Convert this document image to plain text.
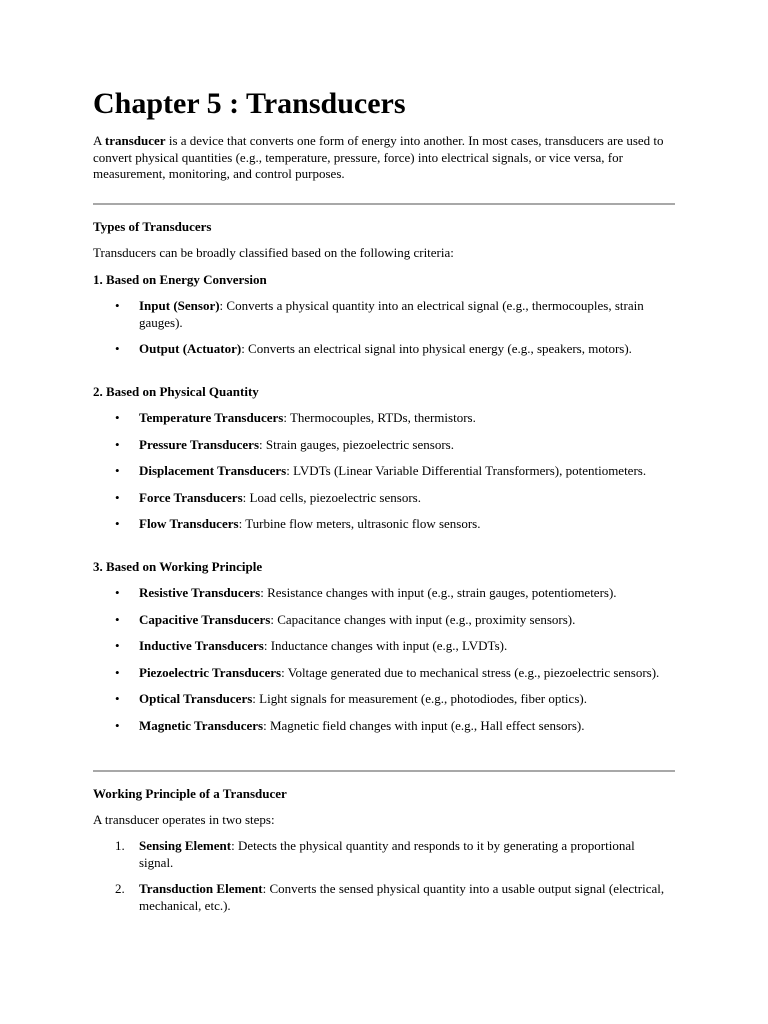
Chapter 5 : Transducers

A transducer is a device that converts one form of energy into another. In most cases, transducers are used to convert physical quantities (e.g., temperature, pressure, force) into electrical signals, or vice versa, for measurement, monitoring, and control purposes.

Types of Transducers

Transducers can be broadly classified based on the following criteria:

1. Based on Energy Conversion

• Input (Sensor): Converts a physical quantity into an electrical signal (e.g., thermocouples, strain gauges).
• Output (Actuator): Converts an electrical signal into physical energy (e.g., speakers, motors).

2. Based on Physical Quantity

• Temperature Transducers: Thermocouples, RTDs, thermistors.
• Pressure Transducers: Strain gauges, piezoelectric sensors.
• Displacement Transducers: LVDTs (Linear Variable Differential Transformers), potentiometers.
• Force Transducers: Load cells, piezoelectric sensors.
• Flow Transducers: Turbine flow meters, ultrasonic flow sensors.

3. Based on Working Principle

• Resistive Transducers: Resistance changes with input (e.g., strain gauges, potentiometers).
• Capacitive Transducers: Capacitance changes with input (e.g., proximity sensors).
• Inductive Transducers: Inductance changes with input (e.g., LVDTs).
• Piezoelectric Transducers: Voltage generated due to mechanical stress (e.g., piezoelectric sensors).
• Optical Transducers: Light signals for measurement (e.g., photodiodes, fiber optics).
• Magnetic Transducers: Magnetic field changes with input (e.g., Hall effect sensors).

Working Principle of a Transducer

A transducer operates in two steps:

1. Sensing Element: Detects the physical quantity and responds to it by generating a proportional signal.
2. Transduction Element: Converts the sensed physical quantity into a usable output signal (electrical, mechanical, etc.).
